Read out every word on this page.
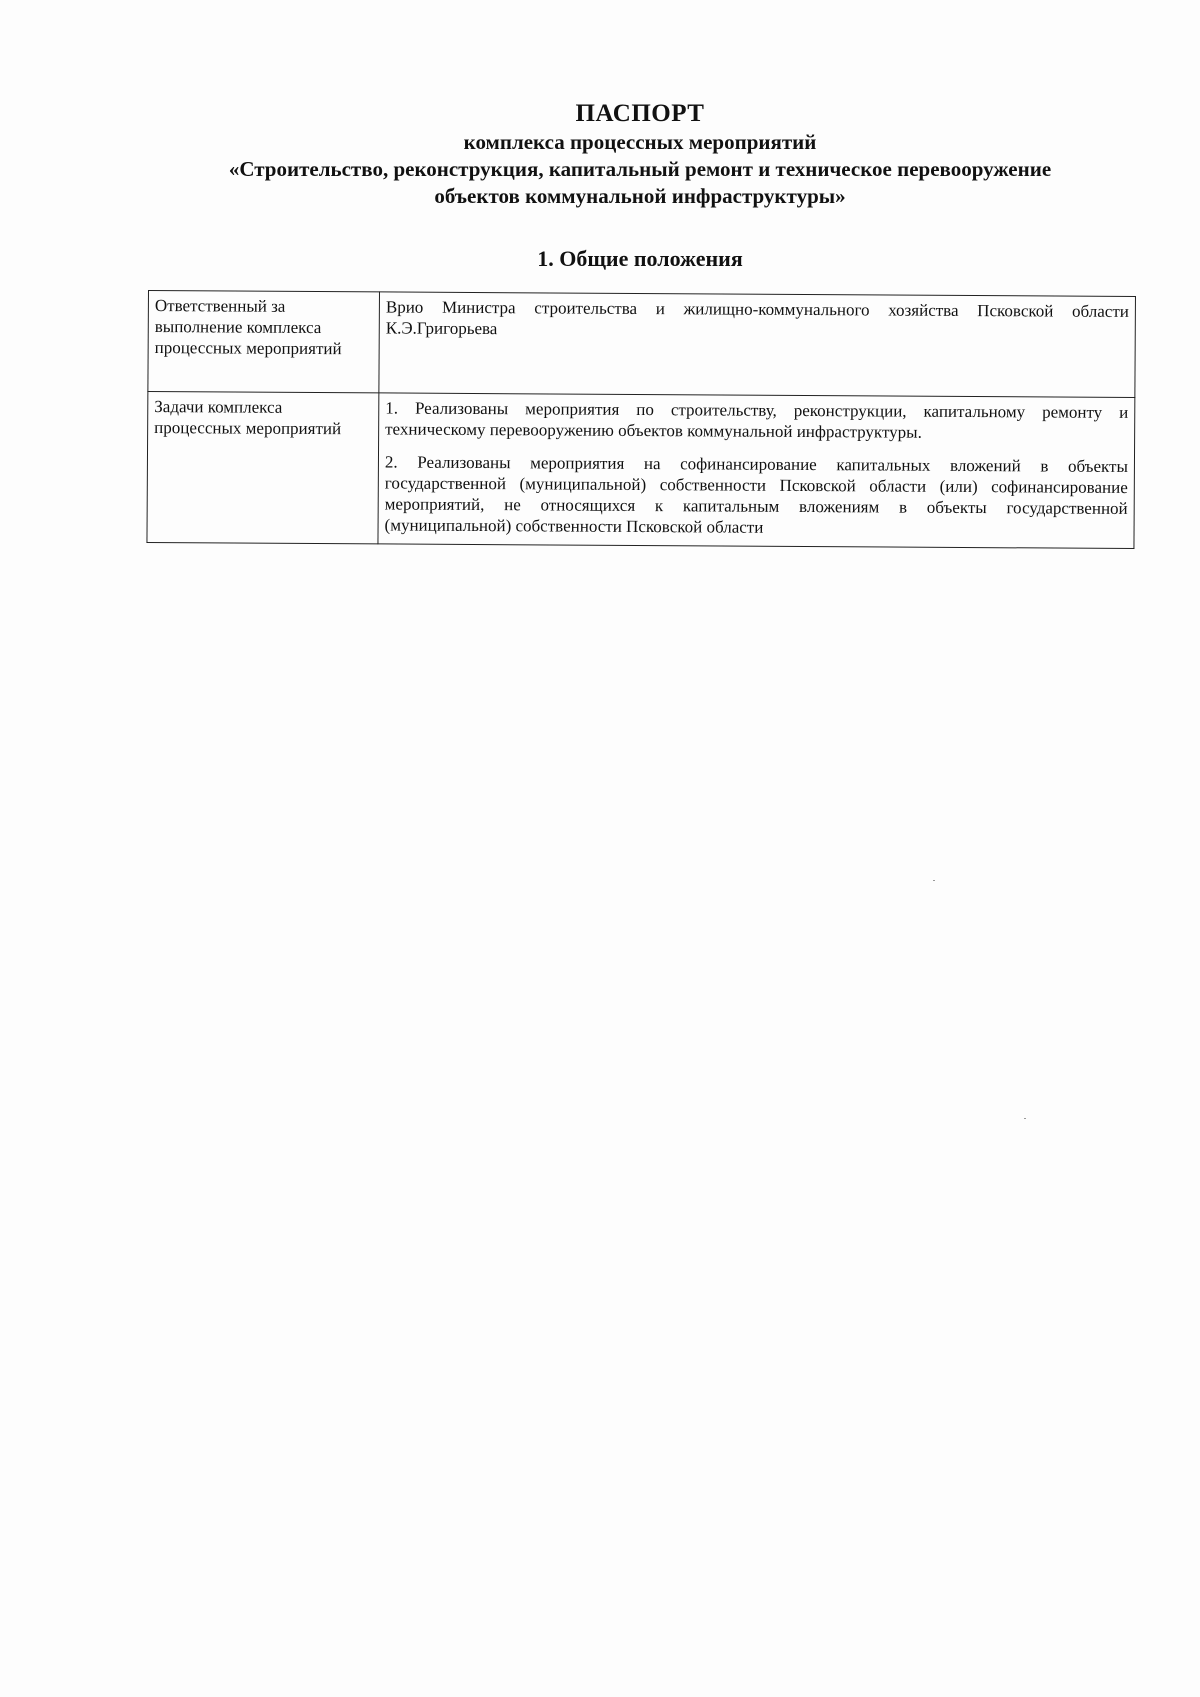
ПАСПОРТ
комплекса процессных мероприятий
«Строительство, реконструкция, капитальный ремонт и техническое перевооружение
объектов коммунальной инфраструктуры»
1. Общие положения
Ответственный за выполнение комплекса процессных мероприятий	Врио Министра строительства и жилищно-коммунального хозяйства Псковской области К.Э.Григорьева

Задачи комплекса процессных мероприятий	1. Реализованы мероприятия по строительству, реконструкции, капитальному ремонту и техническому перевооружению объектов коммунальной инфраструктуры.
2. Реализованы мероприятия на софинансирование капитальных вложений в объекты государственной (муниципальной) собственности Псковской области (или) софинансирование мероприятий, не относящихся к капитальным вложениям в объекты государственной (муниципальной) собственности Псковской области
